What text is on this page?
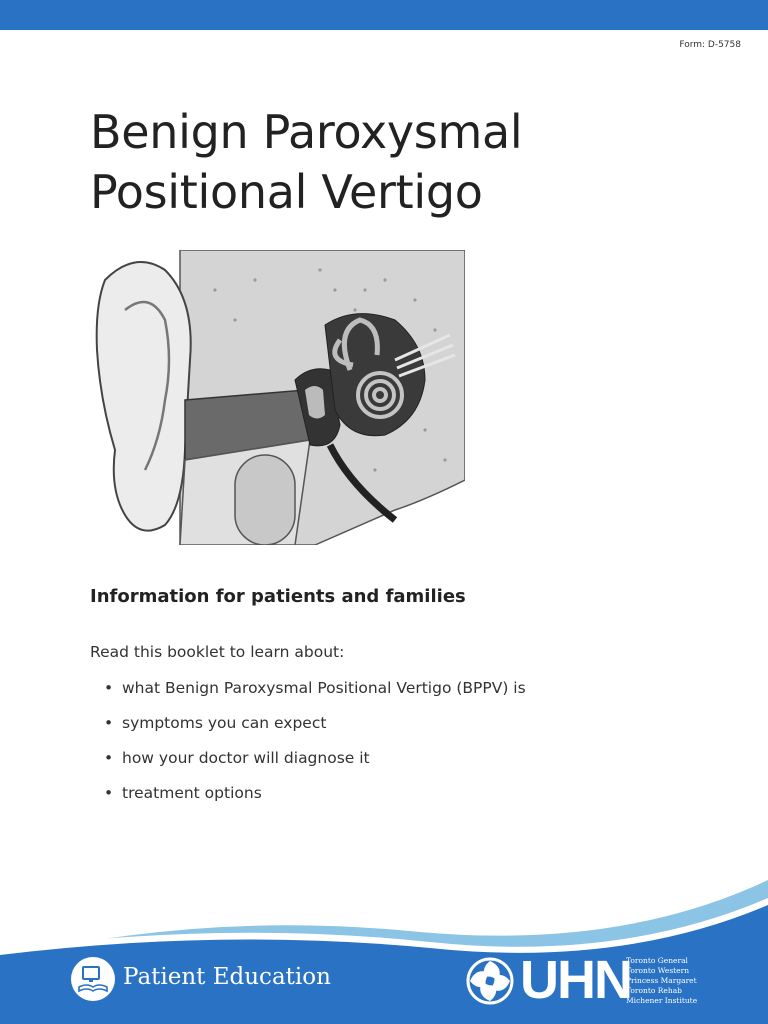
Form: D-5758
Benign Paroxysmal
Positional Vertigo
Information for patients and families

Read this booklet to learn about:

• what Benign Paroxysmal Positional Vertigo (BPPV) is
• symptoms you can expect
• how your doctor will diagnose it
• treatment options
Patient Education	UHN
Toronto General
Toronto Western
Princess Margaret
Toronto Rehab
Michener Institute
